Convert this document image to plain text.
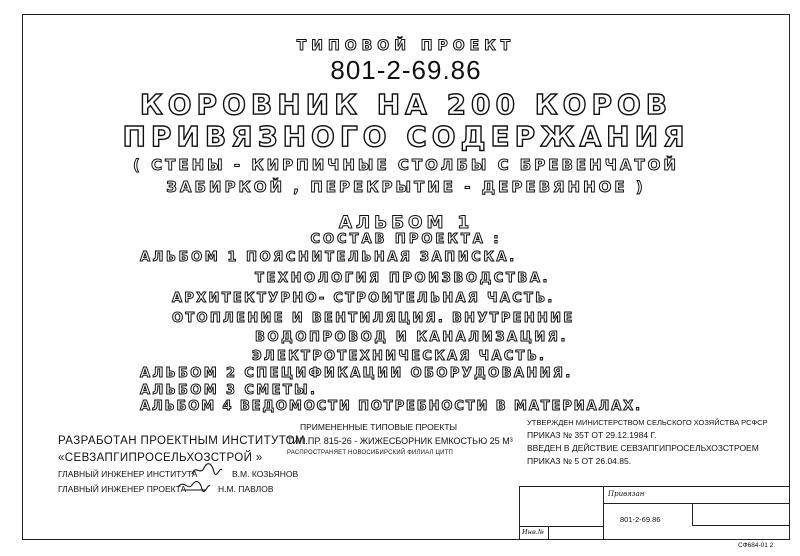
ТИПОВОЙ ПРОЕКТ
801-2-69.86
КОРОВНИК НА 200 КОРОВ
ПРИВЯЗНОГО СОДЕРЖАНИЯ
( СТЕНЫ - КИРПИЧНЫЕ СТОЛБЫ С БРЕВЕНЧАТОЙ
ЗАБИРКОЙ , ПЕРЕКРЫТИЕ - ДЕРЕВЯННОЕ )
АЛЬБОМ 1
СОСТАВ ПРОЕКТА :
АЛЬБОМ 1 ПОЯСНИТЕЛЬНАЯ ЗАПИСКА.
ТЕХНОЛОГИЯ ПРОИЗВОДСТВА.
АРХИТЕКТУРНО- СТРОИТЕЛЬНАЯ ЧАСТЬ.
ОТОПЛЕНИЕ И ВЕНТИЛЯЦИЯ. ВНУТРЕННИЕ
ВОДОПРОВОД И КАНАЛИЗАЦИЯ.
ЭЛЕКТРОТЕХНИЧЕСКАЯ ЧАСТЬ.
АЛЬБОМ 2 СПЕЦИФИКАЦИИ ОБОРУДОВАНИЯ.
АЛЬБОМ 3 СМЕТЫ.
АЛЬБОМ 4 ВЕДОМОСТИ ПОТРЕБНОСТИ В МАТЕРИАЛАХ.
РАЗРАБОТАН ПРОЕКТНЫМ ИНСТИТУТОМ
«СЕВЗАПГИПРОСЕЛЬХОЗСТРОЙ »
ГЛАВНЫЙ ИНЖЕНЕР ИНСТИТУТА	В.М. КОЗЬЯНОВ
ГЛАВНЫЙ ИНЖЕНЕР ПРОЕКТА	Н.М. ПАВЛОВ
ПРИМЕНЕННЫЕ ТИПОВЫЕ ПРОЕКТЫ
ТИП.ПР. 815-26 - ЖИЖЕСБОРНИК ЕМКОСТЬЮ 25 М³
РАСПРОСТРАНЯЕТ НОВОСИБИРСКИЙ ФИЛИАЛ ЦИТП
УТВЕРЖДЕН МИНИСТЕРСТВОМ СЕЛЬСКОГО ХОЗЯЙСТВА РСФСР
ПРИКАЗ № 35Т ОТ 29.12.1984 Г.
ВВЕДЕН В ДЕЙСТВИЕ СЕВЗАПГИПРОСЕЛЬХОЗСТРОЕМ
ПРИКАЗ № 5 ОТ 26.04.85.
Привязан
801-2-69.86
Инв.№
СФ684-01 2
